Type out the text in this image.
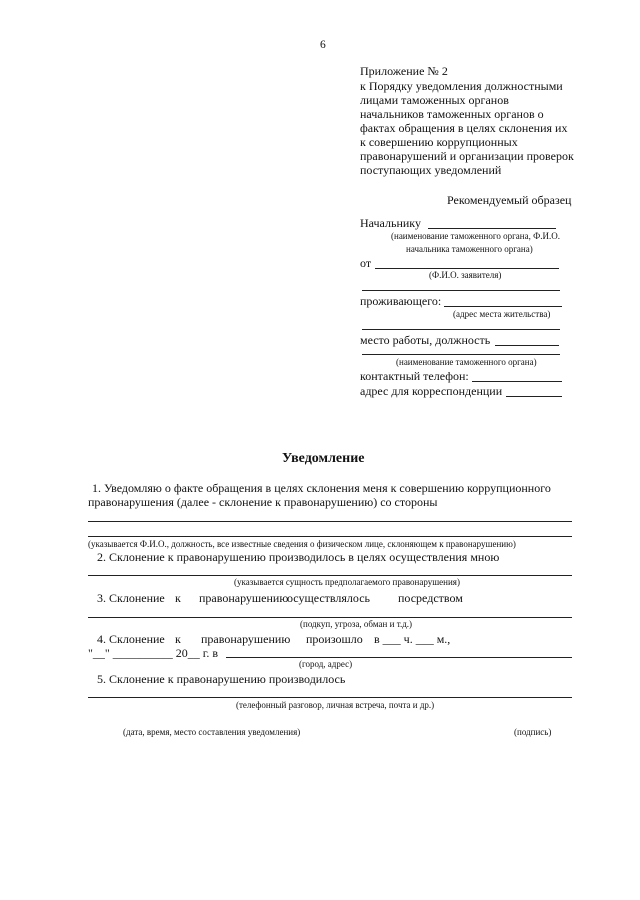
6
Приложение № 2
к Порядку уведомления должностными
лицами таможенных органов
начальников таможенных органов о
фактах обращения в целях склонения их
к совершению коррупционных
правонарушений и организации проверок
поступающих уведомлений
Рекомендуемый образец
Начальнику
(наименование таможенного органа, Ф.И.О.
начальника таможенного органа)
от
(Ф.И.О. заявителя)
проживающего:
(адрес места жительства)
место работы, должность
(наименование таможенного органа)
контактный телефон:
адрес для корреспонденции
Уведомление
1. Уведомляю о факте обращения в целях склонения меня к совершению коррупционного
правонарушения (далее - склонение к правонарушению) со стороны
(указывается Ф.И.О., должность, все известные сведения о физическом лице, склоняющем к правонарушению)
2. Склонение к правонарушению производилось в целях осуществления мною
(указывается сущность предполагаемого правонарушения)
3. Склонение к правонарушению
осуществлялось посредством
(подкуп, угроза, обман и т.д.)
4. Склонение к правонарушению произошло в ___ ч. ___ м.,
"__" __________ 20__ г. в
(город, адрес)
5. Склонение к правонарушению производилось
(телефонный разговор, личная встреча, почта и др.)
(дата, время, место составления уведомления)	(подпись)
